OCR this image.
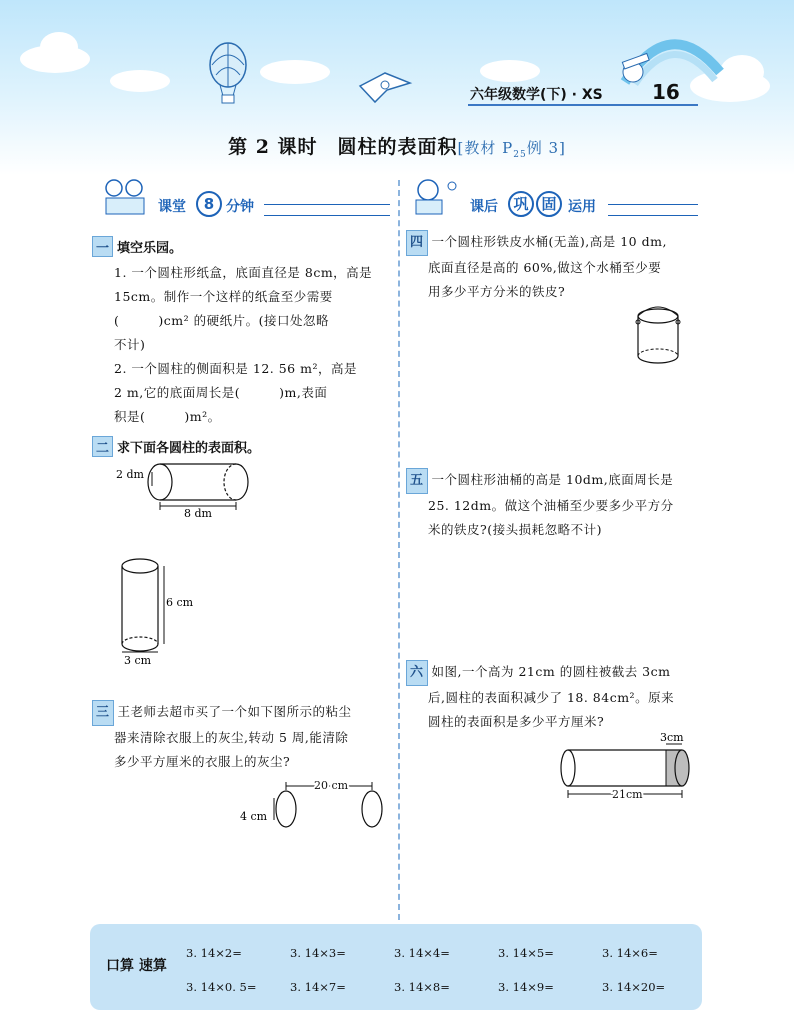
六年级数学(下) · XS 16
第 2 课时　圆柱的表面积[教材 $P_{25}$例 3]
课堂	8 分钟	课后	巩 固 运用
一 填空乐园。
1. 一个圆柱形纸盒，底面直径是 8cm，高是
15cm。制作一个这样的纸盒至少需要
(　　　)cm² 的硬纸片。(接口处忽略
不计)
2. 一个圆柱的侧面积是 12. 56 m²，高是
2 m,它的底面周长是(　　　)m,表面
积是(　　　)m²。
二 求下面各圆柱的表面积。
2 dm
8 dm
6 cm
3 cm
三 王老师去超市买了一个如下图所示的粘尘
器来清除衣服上的灰尘,转动 5 周,能清除
多少平方厘米的衣服上的灰尘?
20 cm
4 cm
四 一个圆柱形铁皮水桶(无盖),高是 10 dm,
底面直径是高的 60%,做这个水桶至少要
用多少平方分米的铁皮?
五 一个圆柱形油桶的高是 10dm,底面周长是
25. 12dm。做这个油桶至少要多少平方分
米的铁皮?(接头损耗忽略不计)
六 如图,一个高为 21cm 的圆柱被截去 3cm
后,圆柱的表面积减少了 18. 84cm²。原来
圆柱的表面积是多少平方厘米?
3cm
21cm
口算 速算
3. 14×2=	3. 14×3=	3. 14×4=	3. 14×5=	3. 14×6=
3. 14×0. 5=	3. 14×7=	3. 14×8=	3. 14×9=	3. 14×20=
